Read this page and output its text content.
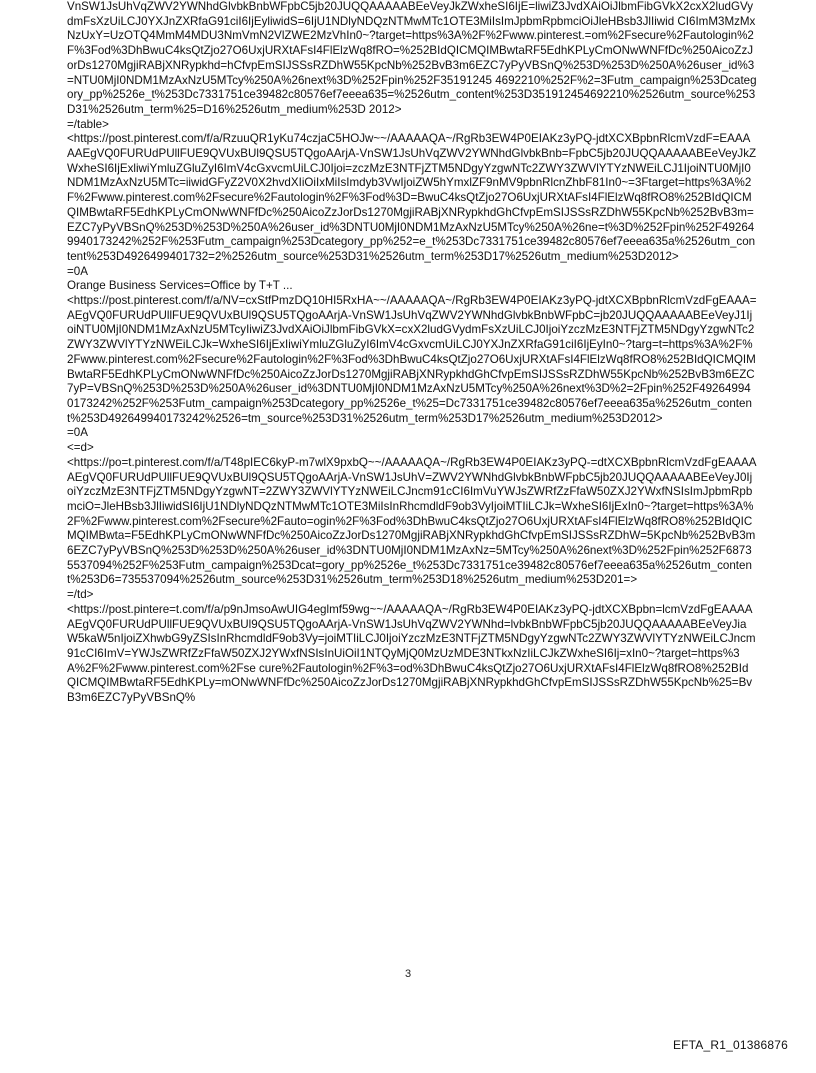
VnSW1JsUhVqZWV2YWNhdGlvbkBnbWFpbC5jb20JUQQAAAAABEeVeyJkZWxheSI6IjE=liwiZ3JvdXAiOiJlbmFibGVkX2cxX2ludGVydmFsXzUiLCJ0YXJnZXRfaG91ciI6IjEyliwidS=6IjU1NDlyNDQzNTMwMTc1OTE3MiIsImJpbmRpbmciOiJleHBsb3JlIiwid CI6ImM3MzMxNzUxY=UzOTQ4MmM4MDU3NmVmN2VlZWE2MzVhIn0~?target=https%3A%2F%2Fwww.pinterest.=om%2Fsecure%2Fautologin%2F%3Fod%3DhBwuC4ksQtZjo27O6UxjURXtAFsI4FlElzWq8fRO=%252BIdQICMQIMBwtaRF5EdhKPLyCmONwWNFfDc%250AicoZzJorDs1270MgjiRABjXNRypkhd=hCfvpEmSIJSSsRZDhW55KpcNb%252BvB3m6EZC7yPyVBSnQ%253D%253D%250A%26user_id%3=NTU0MjI0NDM1MzAxNzU5MTcy%250A%26next%3D%252Fpin%252F35191245 4692210%252F%2=3Futm_campaign%253Dcategory_pp%2526e_t%253Dc7331751ce39482c80576ef7eeea635=%2526utm_content%253D351912454692210%2526utm_source%253D31%2526utm_term%25=D16%2526utm_medium%253D 2012>

=/table>

<https://post.pinterest.com/f/a/RzuuQR1yKu74czjaC5HOJw~~/AAAAAQA~/RgRb3EW4P0EIAKz3yPQ-jdtXCXBpbnRlcmVzdF=EAAAAAEgVQ0FURUdPUllFUE9QVUxBUl9QSU5TQgoAArjA-VnSW1JsUhVqZWV2YWNhdGlvbkBnb=FpbC5jb20JUQQAAAAABEeVeyJkZWxheSI6IjExliwiYmluZGluZyI6ImV4cGxvcmUiLCJ0Ijoi=zczMzE3NTFjZTM5NDgyYzgwNTc2ZWY3ZWVlYTYzNWEiLCJ1IjoiNTU0MjI0NDM1MzAxNzU5MTc=iiwidGFyZ2V0X2hvdXIiOiIxMiIsImdyb3VwIjoiZW5hYmxlZF9nMV9pbnRlcnZhbF81In0~=3Ftarget=https%3A%2F%2Fwww.pinterest.com%2Fsecure%2Fautologin%2F%3Fod%3D=BwuC4ksQtZjo27O6UxjURXtAFsI4FlElzWq8fRO8%252BIdQICMQIMBwtaRF5EdhKPLyCmONwWNFfDc%250AicoZzJorDs1270MgjiRABjXNRypkhdGhCfvpEmSIJSSsRZDhW55KpcNb%252BvB3m=EZC7yPyVBSnQ%253D%253D%250A%26user_id%3DNTU0MjI0NDM1MzAxNzU5MTcy%250A%26ne=t%3D%252Fpin%252F492649940173242%252F%253Futm_campaign%253Dcategory_pp%252=e_t%253Dc7331751ce39482c80576ef7eeea635a%2526utm_content%253D4926499401732=2%2526utm_source%253D31%2526utm_term%253D17%2526utm_medium%253D2012>

=0A

Orange Business Services=Office by T+T ...

<https://post.pinterest.com/f/a/NV=cxStfPmzDQ10HI5RxHA~~/AAAAAQA~/RgRb3EW4P0EIAKz3yPQ-jdtXCXBpbnRlcmVzdFgEAAA=AEgVQ0FURUdPUllFUE9QVUxBUl9QSU5TQgoAArjA-VnSW1JsUhVqZWV2YWNhdGlvbkBnbWFpbC=jb20JUQQAAAAABEeVeyJ1IjoiNTU0MjI0NDM1MzAxNzU5MTcyIiwiZ3JvdXAiOiJlbmFibGVkX=cxX2ludGVydmFsXzUiLCJ0IjoiYzczMzE3NTFjZTM5NDgyYzgwNTc2ZWY3ZWVlYTYzNWEiLCJk=WxheSI6IjExIiwiYmluZGluZyI6ImV4cGxvcmUiLCJ0YXJnZXRfaG91ciI6IjEyIn0~?targ=t=https%3A%2F%2Fwww.pinterest.com%2Fsecure%2Fautologin%2F%3Fod%3DhBwuC4ksQtZjo27O6UxjURXtAFsI4FlElzWq8fRO8%252BIdQICMQIMBwtaRF5EdhKPLyCmONwWNFfDc%250AicoZzJorDs1270MgjiRABjXNRypkhdGhCfvpEmSIJSSsRZDhW55KpcNb%252BvB3m6EZC7yP=VBSnQ%253D%253D%250A%26user_id%3DNTU0MjI0NDM1MzAxNzU5MTcy%250A%26next%3D%2=2Fpin%252F492649940173242%252F%253Futm_campaign%253Dcategory_pp%2526e_t%25=Dc7331751ce39482c80576ef7eeea635a%2526utm_content%253D492649940173242%2526=tm_source%253D31%2526utm_term%253D17%2526utm_medium%253D2012>

=0A

<=d>

<https://po=t.pinterest.com/f/a/T48pIEC6kyP-m7wlX9pxbQ~~/AAAAAQA~/RgRb3EW4P0EIAKz3yPQ-=dtXCXBpbnRlcmVzdFgEAAAAAEgVQ0FURUdPUllFUE9QVUxBUl9QSU5TQgoAArjA-VnSW1JsUhV=ZWV2YWNhdGlvbkBnbWFpbC5jb20JUQQAAAAABEeVeyJ0IjoiYzczMzE3NTFjZTM5NDgyYzgwNT=2ZWY3ZWVlYTYzNWEiLCJncm91cCI6ImVuYWJsZWRfZzFfaW50ZXJ2YWxfNSIsImJpbmRpbmciO=JleHBsb3JlIiwidSI6IjU1NDlyNDQzNTMwMTc1OTE3MiIsInRhcmdldF9ob3VyIjoiMTIiLCJk=WxheSI6IjExIn0~?target=https%3A%2F%2Fwww.pinterest.com%2Fsecure%2Fauto=ogin%2F%3Fod%3DhBwuC4ksQtZjo27O6UxjURXtAFsI4FlElzWq8fRO8%252BIdQICMQIMBwta=F5EdhKPLyCmONwWNFfDc%250AicoZzJorDs1270MgjiRABjXNRypkhdGhCfvpEmSIJSSsRZDhW=5KpcNb%252BvB3m6EZC7yPyVBSnQ%253D%253D%250A%26user_id%3DNTU0MjI0NDM1MzAxNz=5MTcy%250A%26next%3D%252Fpin%252F68735537094%252F%253Futm_campaign%253Dcat=gory_pp%2526e_t%253Dc7331751ce39482c80576ef7eeea635a%2526utm_conten t%253D6=735537094%2526utm_source%253D31%2526utm_term%253D18%2526utm_medium%253D201=>

=/td>

<https://post.pintere=t.com/f/a/p9nJmsoAwUIG4eglmf59wg~~/AAAAAQA~/RgRb3EW4P0EIAKz3yPQ-jdtXCXBpbn=lcmVzdFgEAAAAAEgVQ0FURUdPUllFUE9QVUxBUl9QSU5TQgoAArjA-VnSW1JsUhVqZWV2YWNhd=lvbkBnbWFpbC5jb20JUQQAAAAABEeVeyJiaW5kaW5nIjoiZXhwbG9yZSIsInRhcmdldF9ob3Vy=joiMTIiLCJ0IjoiYzczMzE3NTFjZTM5NDgyYzgwNTc2ZWY3ZWVlYTYzNWEiLCJncm91cCI6ImV=YWJsZWRfZzFfaW50ZXJ2YWxfNSIsInUiOiI1NTQyMjQ0MzUzMDE3NTkxNzIiLCJkZWxheSI6Ij=xIn0~?target=https%3A%2F%2Fwww.pinterest.com%2Fse cure%2Fautologin%2F%3=od%3DhBwuC4ksQtZjo27O6UxjURXtAFsI4FlElzWq8fRO8%252BIdQICMQIMBwtaRF5EdhKPLy=mONwWNFfDc%250AicoZzJorDs1270MgjiRABjXNRypkhdGhCfvpEmSIJSSsRZDhW55KpcNb%25=BvB3m6EZC7yPyVBSnQ%

3
EFTA_R1_01386876
